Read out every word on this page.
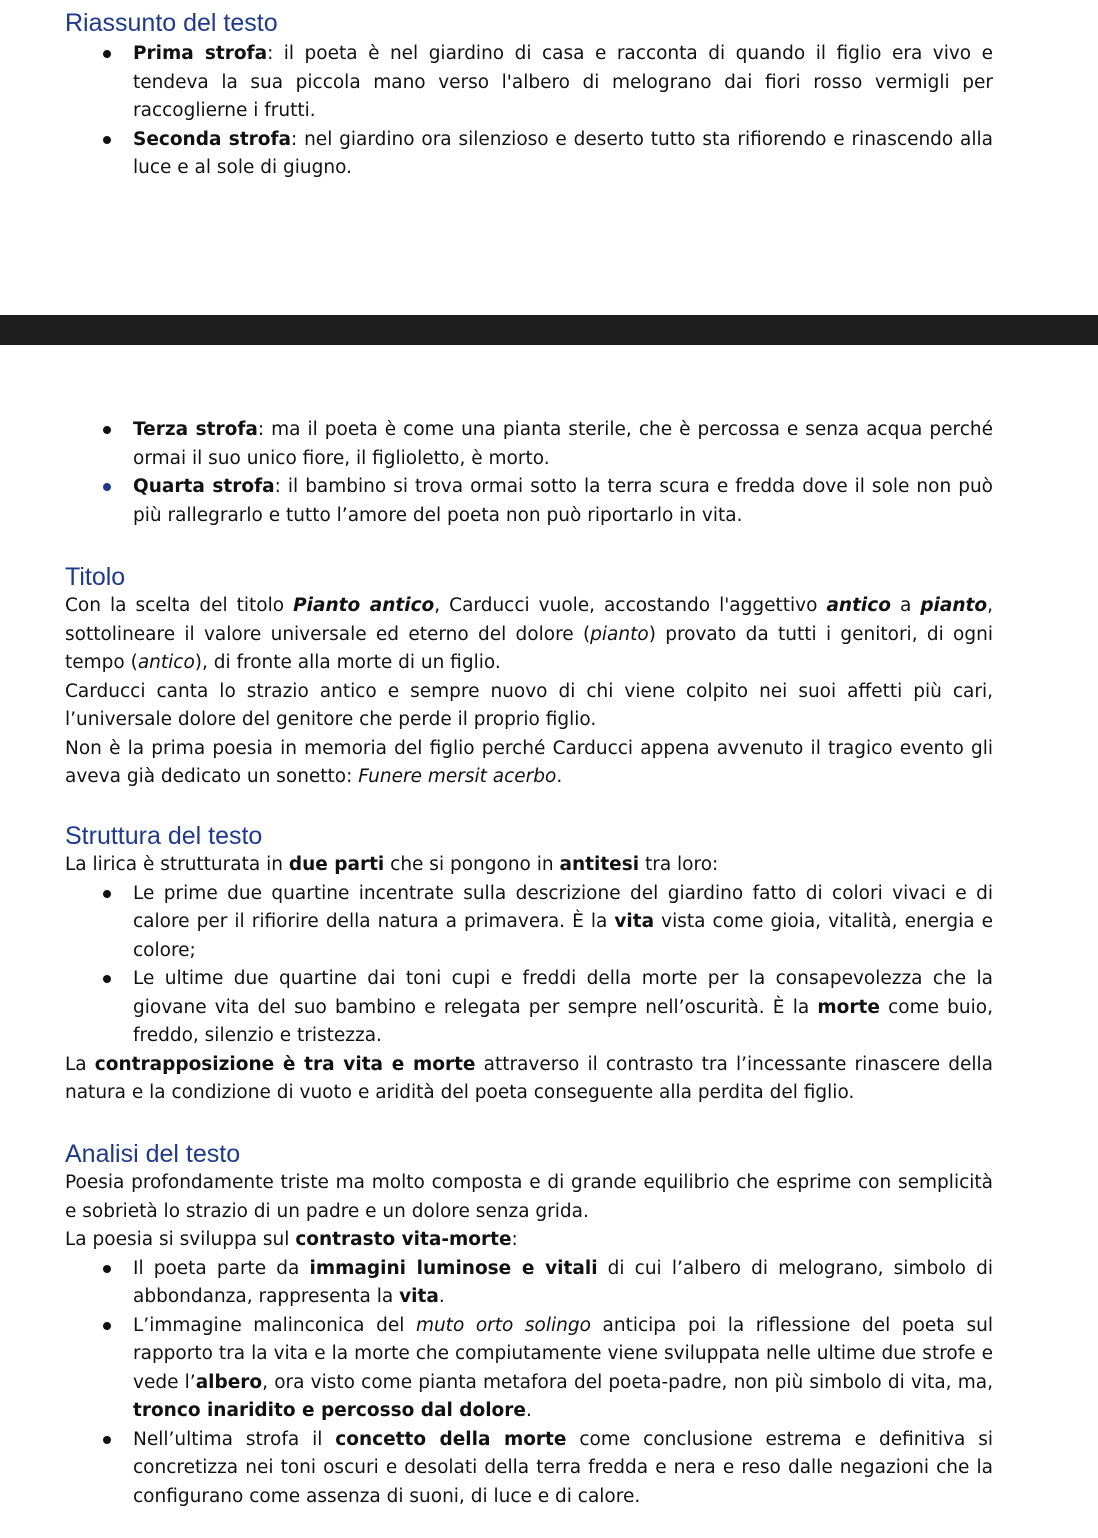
Riassunto del testo
Prima strofa: il poeta è nel giardino di casa e racconta di quando il figlio era vivo e tendeva la sua piccola mano verso l'albero di melograno dai fiori rosso vermigli per raccoglierne i frutti.
Seconda strofa: nel giardino ora silenzioso e deserto tutto sta rifiorendo e rinascendo alla luce e al sole di giugno.
Terza strofa: ma il poeta è come una pianta sterile, che è percossa e senza acqua perché ormai il suo unico fiore, il figlioletto, è morto.
Quarta strofa: il bambino si trova ormai sotto la terra scura e fredda dove il sole non può più rallegrarlo e tutto l’amore del poeta non può riportarlo in vita.
Titolo

Con la scelta del titolo Pianto antico, Carducci vuole, accostando l'aggettivo antico a pianto, sottolineare il valore universale ed eterno del dolore (pianto) provato da tutti i genitori, di ogni tempo (antico), di fronte alla morte di un figlio.

Carducci canta lo strazio antico e sempre nuovo di chi viene colpito nei suoi affetti più cari, l’universale dolore del genitore che perde il proprio figlio.

Non è la prima poesia in memoria del figlio perché Carducci appena avvenuto il tragico evento gli aveva già dedicato un sonetto: Funere mersit acerbo.

Struttura del testo

La lirica è strutturata in due parti che si pongono in antitesi tra loro:

Le prime due quartine incentrate sulla descrizione del giardino fatto di colori vivaci e di calore per il rifiorire della natura a primavera. È la vita vista come gioia, vitalità, energia e colore;
Le ultime due quartine dai toni cupi e freddi della morte per la consapevolezza che la giovane vita del suo bambino e relegata per sempre nell’oscurità. È la morte come buio, freddo, silenzio e tristezza.

La contrapposizione è tra vita e morte attraverso il contrasto tra l’incessante rinascere della natura e la condizione di vuoto e aridità del poeta conseguente alla perdita del figlio.

Analisi del testo

Poesia profondamente triste ma molto composta e di grande equilibrio che esprime con semplicità e sobrietà lo strazio di un padre e un dolore senza grida.

La poesia si sviluppa sul contrasto vita-morte:

Il poeta parte da immagini luminose e vitali di cui l’albero di melograno, simbolo di abbondanza, rappresenta la vita.
L’immagine malinconica del muto orto solingo anticipa poi la riflessione del poeta sul rapporto tra la vita e la morte che compiutamente viene sviluppata nelle ultime due strofe e vede l’albero, ora visto come pianta metafora del poeta-padre, non più simbolo di vita, ma, tronco inaridito e percosso dal dolore.
Nell’ultima strofa il concetto della morte come conclusione estrema e definitiva si concretizza nei toni oscuri e desolati della terra fredda e nera e reso dalle negazioni che la configurano come assenza di suoni, di luce e di calore.
